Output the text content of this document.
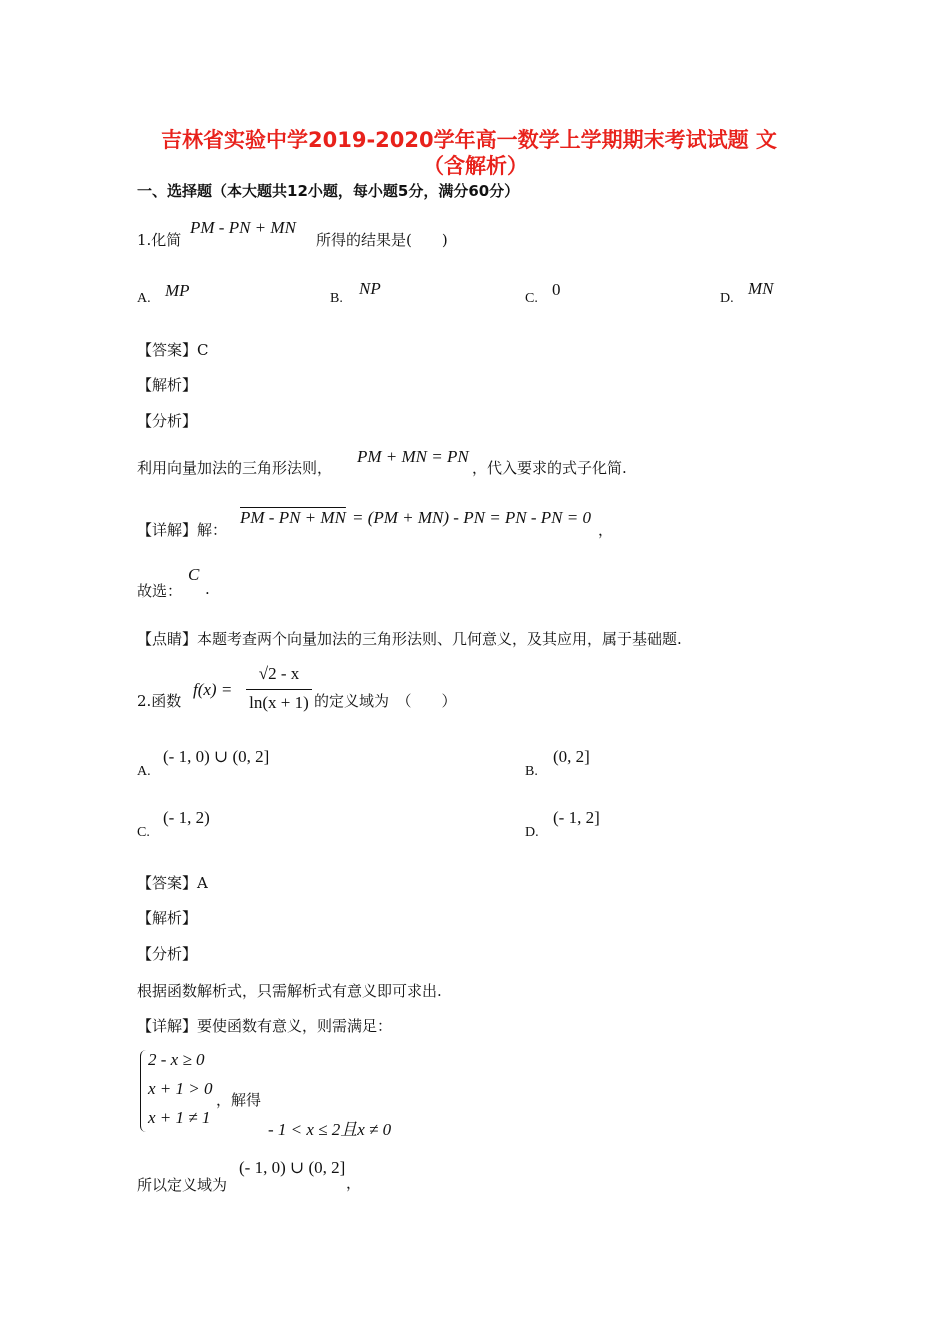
吉林省实验中学2019-2020学年高一数学上学期期末考试试题 文
（含解析）
一、选择题（本大题共12小题，每小题5分，满分60分）
1.化简
PM - PN + MN
所得的结果是(　　)
A. MP	B.
NP
C. 0	D.
MN
【答案】C
【解析】
【分析】
利用向量加法的三角形法则，
PM + MN = PN
，代入要求的式子化简.
【详解】解：
PM - PN + MN = (PM + MN) - PN = PN - PN = 0
，
故选：
C
.
【点睛】本题考查两个向量加法的三角形法则、几何意义，及其应用，属于基础题.
2.函数
f(x) =
√2 - x
ln(x + 1) 的定义域为　（　　）
A.
(- 1, 0) ∪ (0, 2]
B.
(0, 2]
C.
(- 1, 2)
D.
(- 1, 2]
【答案】A
【解析】
【分析】
根据函数解析式，只需解析式有意义即可求出.
【详解】要使函数有意义，则需满足：
2 - x ≥ 0
x + 1 > 0
x + 1 ≠ 1
，解得
- 1 < x ≤ 2且x ≠ 0
所以定义域为
(- 1, 0) ∪ (0, 2]
，
